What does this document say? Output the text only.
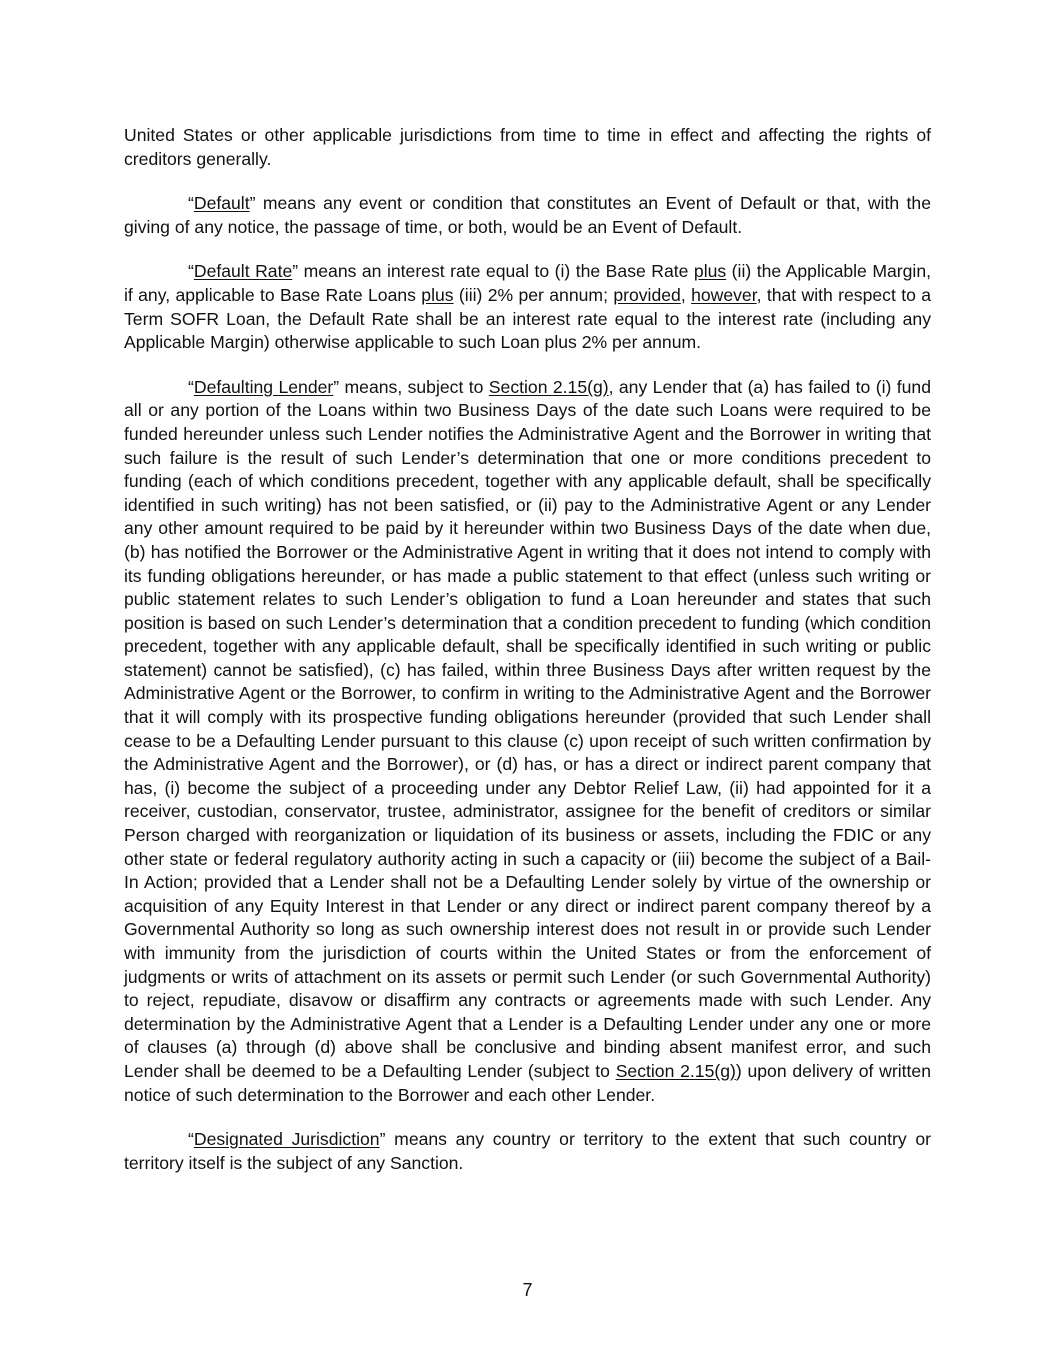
United States or other applicable jurisdictions from time to time in effect and affecting the rights of creditors generally.

“Default” means any event or condition that constitutes an Event of Default or that, with the giving of any notice, the passage of time, or both, would be an Event of Default.

“Default Rate” means an interest rate equal to (i) the Base Rate plus (ii) the Applicable Margin, if any, applicable to Base Rate Loans plus (iii) 2% per annum; provided, however, that with respect to a Term SOFR Loan, the Default Rate shall be an interest rate equal to the interest rate (including any Applicable Margin) otherwise applicable to such Loan plus 2% per annum.

“Defaulting Lender” means, subject to Section 2.15(g), any Lender that (a) has failed to (i) fund all or any portion of the Loans within two Business Days of the date such Loans were required to be funded hereunder unless such Lender notifies the Administrative Agent and the Borrower in writing that such failure is the result of such Lender’s determination that one or more conditions precedent to funding (each of which conditions precedent, together with any applicable default, shall be specifically identified in such writing) has not been satisfied, or (ii) pay to the Administrative Agent or any Lender any other amount required to be paid by it hereunder within two Business Days of the date when due, (b) has notified the Borrower or the Administrative Agent in writing that it does not intend to comply with its funding obligations hereunder, or has made a public statement to that effect (unless such writing or public statement relates to such Lender’s obligation to fund a Loan hereunder and states that such position is based on such Lender’s determination that a condition precedent to funding (which condition precedent, together with any applicable default, shall be specifically identified in such writing or public statement) cannot be satisfied), (c) has failed, within three Business Days after written request by the Administrative Agent or the Borrower, to confirm in writing to the Administrative Agent and the Borrower that it will comply with its prospective funding obligations hereunder (provided that such Lender shall cease to be a Defaulting Lender pursuant to this clause (c) upon receipt of such written confirmation by the Administrative Agent and the Borrower), or (d) has, or has a direct or indirect parent company that has, (i) become the subject of a proceeding under any Debtor Relief Law, (ii) had appointed for it a receiver, custodian, conservator, trustee, administrator, assignee for the benefit of creditors or similar Person charged with reorganization or liquidation of its business or assets, including the FDIC or any other state or federal regulatory authority acting in such a capacity or (iii) become the subject of a Bail-In Action; provided that a Lender shall not be a Defaulting Lender solely by virtue of the ownership or acquisition of any Equity Interest in that Lender or any direct or indirect parent company thereof by a Governmental Authority so long as such ownership interest does not result in or provide such Lender with immunity from the jurisdiction of courts within the United States or from the enforcement of judgments or writs of attachment on its assets or permit such Lender (or such Governmental Authority) to reject, repudiate, disavow or disaffirm any contracts or agreements made with such Lender. Any determination by the Administrative Agent that a Lender is a Defaulting Lender under any one or more of clauses (a) through (d) above shall be conclusive and binding absent manifest error, and such Lender shall be deemed to be a Defaulting Lender (subject to Section 2.15(g)) upon delivery of written notice of such determination to the Borrower and each other Lender.

“Designated Jurisdiction” means any country or territory to the extent that such country or territory itself is the subject of any Sanction.

7
